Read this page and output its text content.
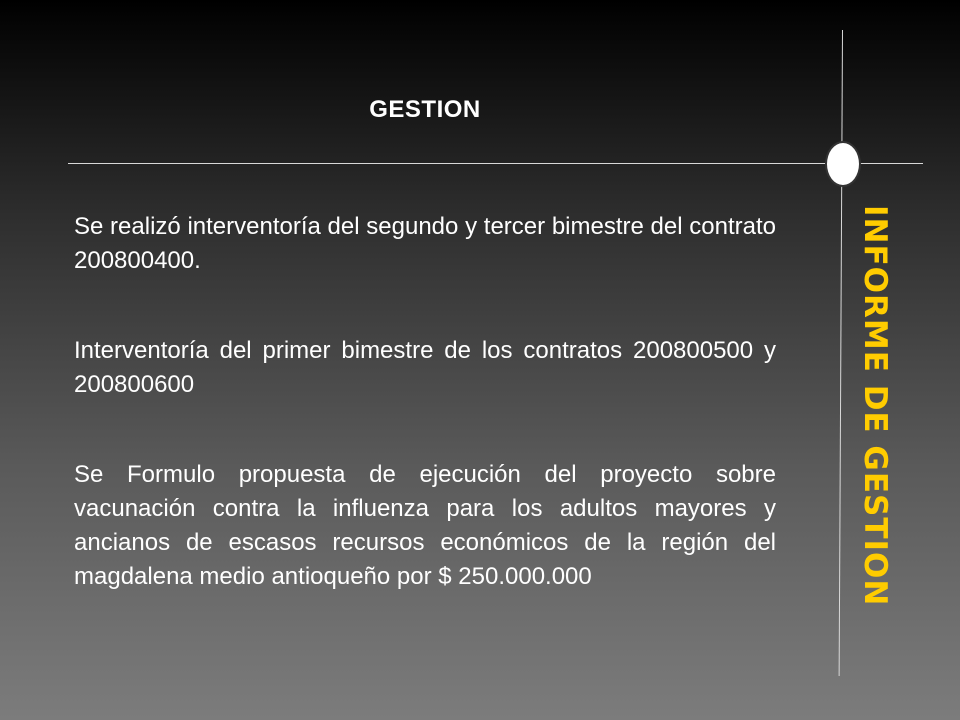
GESTION
INFORME DE GESTION

Se realizó interventoría del segundo y tercer bimestre del contrato 200800400.

Interventoría del primer bimestre de los contratos 200800500 y 200800600

Se Formulo propuesta de ejecución del proyecto sobre vacunación contra la influenza para los adultos mayores y ancianos de escasos recursos económicos de la región del magdalena medio antioqueño por $ 250.000.000
